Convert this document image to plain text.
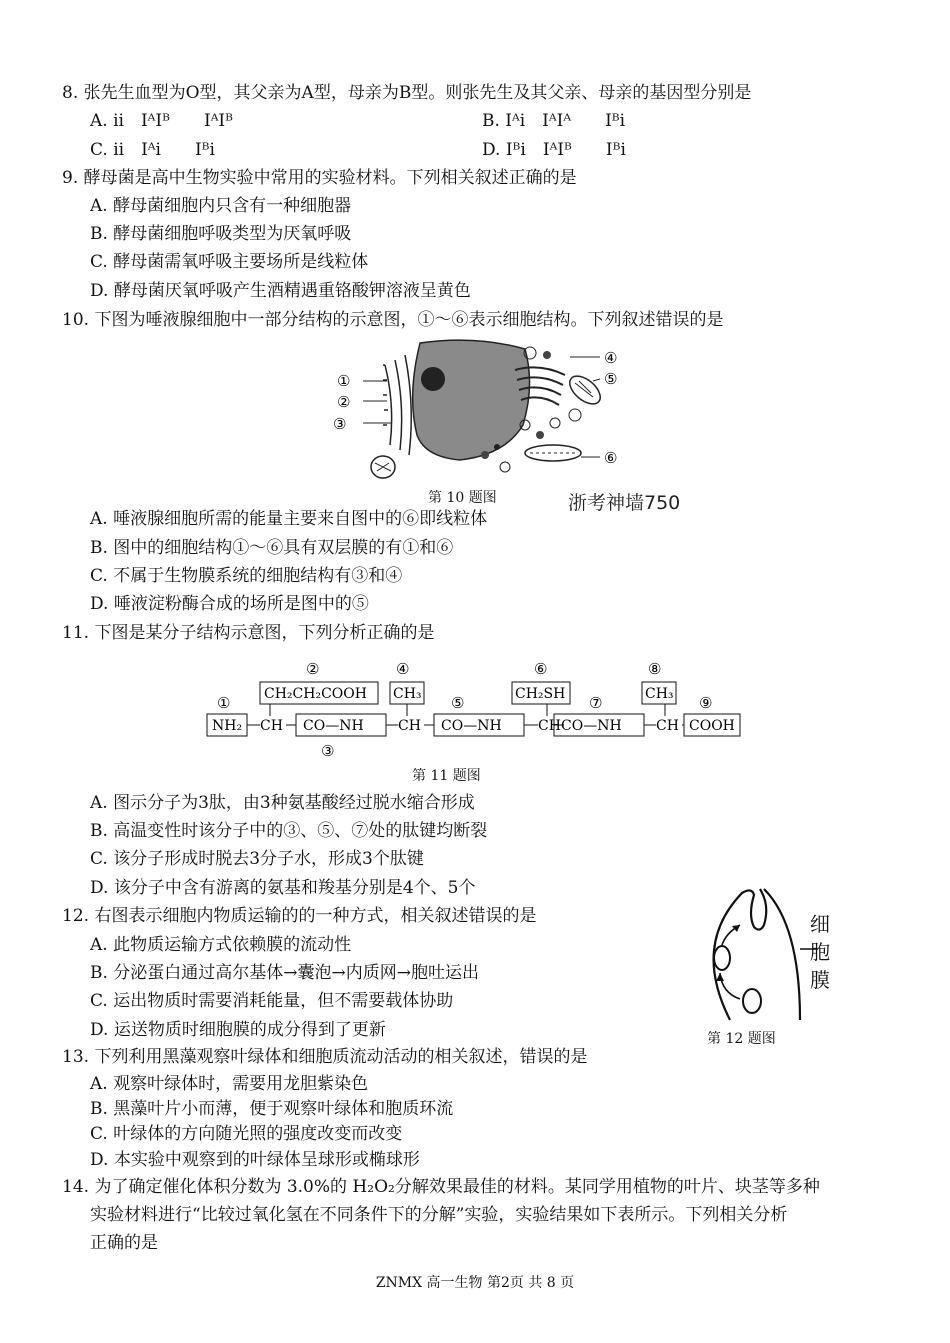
8. 张先生血型为O型，其父亲为A型，母亲为B型。则张先生及其父亲、母亲的基因型分别是
A. ii　IᴬIᴮ　　IᴬIᴮ	B. Iᴬi　IᴬIᴬ　　Iᴮi
C. ii　Iᴬi　　Iᴮi	D. Iᴮi　IᴬIᴮ　　Iᴮi
9. 酵母菌是高中生物实验中常用的实验材料。下列相关叙述正确的是
A. 酵母菌细胞内只含有一种细胞器
B. 酵母菌细胞呼吸类型为厌氧呼吸
C. 酵母菌需氧呼吸主要场所是线粒体
D. 酵母菌厌氧呼吸产生酒精遇重铬酸钾溶液呈黄色
10. 下图为唾液腺细胞中一部分结构的示意图，①～⑥表示细胞结构。下列叙述错误的是
①
②
③
④
⑤
⑥
第 10 题图	浙考神墙750
A. 唾液腺细胞所需的能量主要来自图中的⑥即线粒体
B. 图中的细胞结构①～⑥具有双层膜的有①和⑥
C. 不属于生物膜系统的细胞结构有③和④
D. 唾液淀粉酶合成的场所是图中的⑤
11. 下图是某分子结构示意图，下列分析正确的是
NH₂ CH CO—NH CH CO—NH	CH CO—NH CH COOH
CH₂CH₂COOH CH₃	CH₂SH	CH₃
①
②
③
④
⑤
⑥
⑦
⑧
⑨
第 11 题图
A. 图示分子为3肽，由3种氨基酸经过脱水缩合形成
B. 高温变性时该分子中的③、⑤、⑦处的肽键均断裂
C. 该分子形成时脱去3分子水，形成3个肽键
D. 该分子中含有游离的氨基和羧基分别是4个、5个
12. 右图表示细胞内物质运输的的一种方式，相关叙述错误的是
A. 此物质运输方式依赖膜的流动性
B. 分泌蛋白通过高尔基体→囊泡→内质网→胞吐运出
C. 运出物质时需要消耗能量，但不需要载体协助
D. 运送物质时细胞膜的成分得到了更新
细
胞
膜
第 12 题图
13. 下列利用黑藻观察叶绿体和细胞质流动活动的相关叙述，错误的是
A. 观察叶绿体时，需要用龙胆紫染色
B. 黑藻叶片小而薄，便于观察叶绿体和胞质环流
C. 叶绿体的方向随光照的强度改变而改变
D. 本实验中观察到的叶绿体呈球形或椭球形
14. 为了确定催化体积分数为 3.0%的 H₂O₂分解效果最佳的材料。某同学用植物的叶片、块茎等多种
实验材料进行“比较过氧化氢在不同条件下的分解”实验，实验结果如下表所示。下列相关分析
正确的是
ZNMX 高一生物 第2页 共 8 页
